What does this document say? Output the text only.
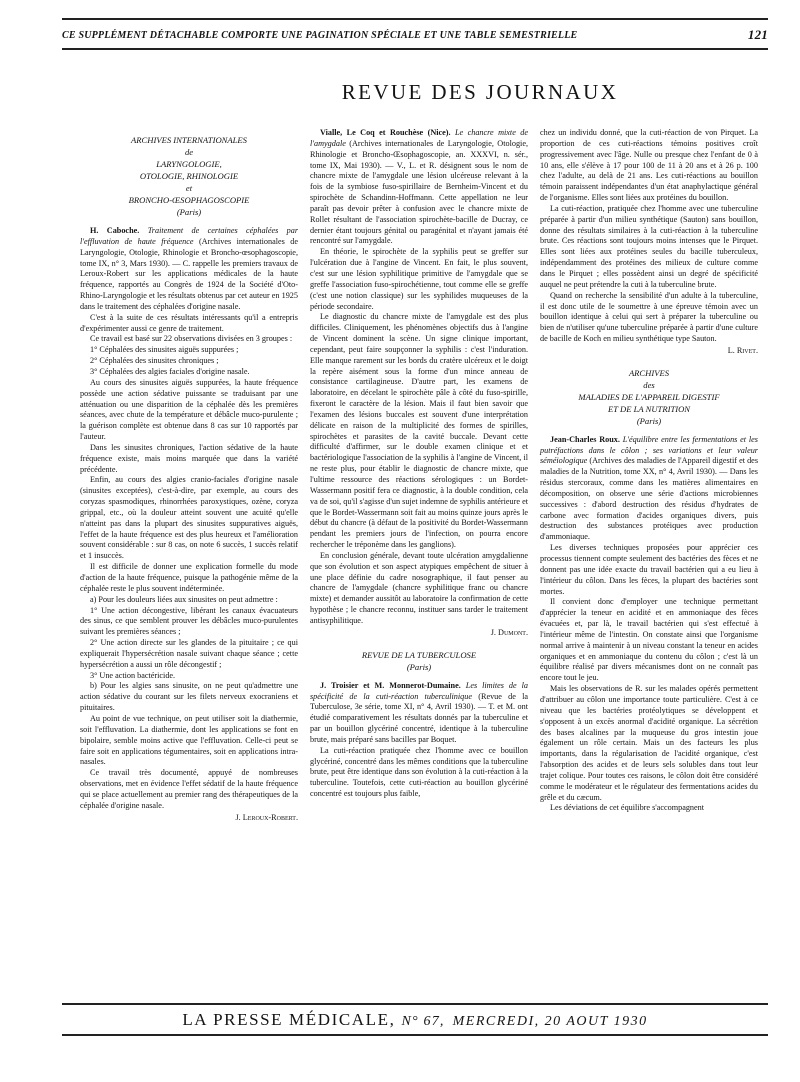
CE SUPPLÉMENT DÉTACHABLE COMPORTE UNE PAGINATION SPÉCIALE ET UNE TABLE SEMESTRIELLE	121
REVUE DES JOURNAUX
ARCHIVES INTERNATIONALES
de
LARYNGOLOGIE,
OTOLOGIE, RHINOLOGIE
et
BRONCHO-ŒSOPHAGOSCOPIE
(Paris)

H. Caboche. Traitement de certaines céphalées par l'effluvation de haute fréquence (Archives internationales de Laryngologie, Otologie, Rhinologie et Broncho-œsophagoscopie, tome IX, n° 3, Mars 1930). — C. rappelle les premiers travaux de Leroux-Robert sur les applications médicales de la haute fréquence, rapportés au Congrès de 1924 de la Société d'Oto-Rhino-Laryngologie et les résultats obtenus par cet auteur en 1925 dans le traitement des céphalées d'origine nasale.

C'est à la suite de ces résultats intéressants qu'il a entrepris d'expérimenter aussi ce genre de traitement.

Ce travail est basé sur 22 observations divisées en 3 groupes :

1° Céphalées des sinusites aiguës suppurées ;

2° Céphalées des sinusites chroniques ;

3° Céphalées des algies faciales d'origine nasale.

Au cours des sinusites aiguës suppurées, la haute fréquence possède une action sédative puissante se traduisant par une atténuation ou une disparition de la céphalée dès les premières séances, avec chute de la température et débâcle muco-purulente ; la guérison complète est obtenue dans 8 cas sur 10 rapportés par l'auteur.

Dans les sinusites chroniques, l'action sédative de la haute fréquence existe, mais moins marquée que dans la variété précédente.

Enfin, au cours des algies cranio-faciales d'origine nasale (sinusites exceptées), c'est-à-dire, par exemple, au cours des coryzas spasmodiques, rhinorrhées paroxystiques, ozène, coryza grippal, etc., où la douleur atteint souvent une acuité qu'elle n'atteint pas dans la plupart des sinusites suppuratives aiguës, l'effet de la haute fréquence est des plus heureux et l'amélioration souvent considérable : sur 8 cas, on note 6 succès, 1 succès relatif et 1 insuccès.

Il est difficile de donner une explication formelle du mode d'action de la haute fréquence, puisque la pathogénie même de la céphalée reste le plus souvent indéterminée.

a) Pour les douleurs liées aux sinusites on peut admettre :

1° Une action décongestive, libérant les canaux évacuateurs des sinus, ce que semblent prouver les débâcles muco-purulentes suivant les premières séances ;

2° Une action directe sur les glandes de la pituitaire ; ce qui expliquerait l'hypersécrétion nasale suivant chaque séance ; cette hypersécrétion a aussi un rôle décongestif ;

3° Une action bactéricide.

b) Pour les algies sans sinusite, on ne peut qu'admettre une action sédative du courant sur les filets nerveux exocraniens et pituitaires.

Au point de vue technique, on peut utiliser soit la diathermie, soit l'effluvation. La diathermie, dont les applications se font en bipolaire, semble moins active que l'effluvation. Celle-ci peut se faire soit en applications tégumentaires, soit en applications intra-nasales.

Ce travail très documenté, appuyé de nombreuses observations, met en évidence l'effet sédatif de la haute fréquence qui se place actuellement au premier rang des thérapeutiques de la céphalée d'origine nasale.

J. Leroux-Robert.

Vialle, Le Coq et Rouchèse (Nice). Le chancre mixte de l'amygdale (Archives internationales de Laryngologie, Otologie, Rhinologie et Broncho-Œsophagoscopie, an. XXXVI, n. sér., tome IX, Mai 1930). — V., L. et R. désignent sous le nom de chancre mixte de l'amygdale une lésion ulcéreuse relevant à la fois de la symbiose fuso-spirillaire de Bernheim-Vincent et du spirochète de Schandinn-Hoffmann. Cette appellation ne leur paraît pas devoir prêter à confusion avec le chancre mixte de Rollet résultant de l'association spirochète-bacille de Ducray, ce dernier étant toujours génital ou paragénital et n'ayant jamais été rencontré sur l'amygdale.

En théorie, le spirochète de la syphilis peut se greffer sur l'ulcération due à l'angine de Vincent. En fait, le plus souvent, c'est sur une lésion syphilitique primitive de l'amygdale que se greffe l'association fuso-spirochétienne, tout comme elle se greffe (c'est une notion classique) sur les syphilides muqueuses de la période secondaire.

Le diagnostic du chancre mixte de l'amygdale est des plus difficiles. Cliniquement, les phénomènes objectifs dus à l'angine de Vincent dominent la scène. Un signe clinique important, cependant, peut faire soupçonner la syphilis : c'est l'induration. Elle manque rarement sur les bords du cratère ulcéreux et le doigt la repère aisément sous la forme d'un mince anneau de consistance cartilagineuse. D'autre part, les examens de laboratoire, en décelant le spirochète pâle à côté du fuso-spirille, fixeront le caractère de la lésion. Mais il faut bien savoir que l'examen des lésions buccales est souvent d'une interprétation délicate en raison de la multiplicité des formes de spirilles, spirochètes et parasites de la cavité buccale. Devant cette difficulté d'affirmer, sur le double examen clinique et et bactériologique l'association de la syphilis à l'angine de Vincent, il ne reste plus, pour établir le diagnostic de chancre mixte, que l'ultime ressource des réactions sérologiques : un Bordet-Wassermann positif fera ce diagnostic, à la double condition, cela va de soi, qu'il s'agisse d'un sujet indemne de syphilis antérieure et que le Bordet-Wassermann soit fait au moins quinze jours après le début du chancre (à défaut de la positivité du Bordet-Wassermann pendant les premiers jours de l'infection, on pourra encore rechercher le tréponème dans les ganglions).

En conclusion générale, devant toute ulcération amygdalienne que son évolution et son aspect atypiques empêchent de situer à une place définie du cadre nosographique, il faut penser au chancre de l'amygdale (chancre syphilitique franc ou chancre mixte) et demander aussitôt au laboratoire la confirmation de cette hypothèse ; le chancre reconnu, instituer sans tarder le traitement antisyphilitique.

J. Dumont.

REVUE DE LA TUBERCULOSE
(Paris)

J. Troisier et M. Monnerot-Dumaine. Les limites de la spécificité de la cuti-réaction tuberculinique (Revue de la Tuberculose, 3e série, tome XI, n° 4, Avril 1930). — T. et M. ont étudié comparativement les résultats donnés par la tuberculine et par un bouillon glycériné concentré, identique à la tuberculine brute, mais préparé sans bacilles par Boquet.

La cuti-réaction pratiquée chez l'homme avec ce bouillon glycériné, concentré dans les mêmes conditions que la tuberculine brute, peut être identique dans son évolution à la cuti-réaction à la tuberculine. Toutefois, cette cuti-réaction au bouillon glycériné concentré est toujours plus faible,

chez un individu donné, que la cuti-réaction de von Pirquet. La proportion de ces cuti-réactions témoins positives croît progressivement avec l'âge. Nulle ou presque chez l'enfant de 0 à 10 ans, elle s'élève à 17 pour 100 de 11 à 20 ans et à 26 p. 100 chez l'adulte, au delà de 21 ans. Les cuti-réactions au bouillon témoin paraissent indépendantes d'un état anaphylactique général de l'organisme. Elles sont liées aux protéines du bouillon.

La cuti-réaction, pratiquée chez l'homme avec une tuberculine préparée à partir d'un milieu synthétique (Sauton) sans bouillon, donne des résultats similaires à la cuti-réaction à la tuberculine brute. Ces réactions sont toujours moins intenses que le Pirquet. Elles sont liées aux protéines seules du bacille tuberculeux, indépendamment des protéines des milieux de culture comme dans le Pirquet ; elles possèdent ainsi un degré de spécificité auquel ne peut prétendre la cuti à la tuberculine brute.

Quand on recherche la sensibilité d'un adulte à la tuberculine, il est donc utile de le soumettre à une épreuve témoin avec un bouillon identique à celui qui sert à préparer la tuberculine ou bien de n'utiliser qu'une tuberculine préparée à partir d'une culture de bacille de Koch en milieu synthétique type Sauton.

L. Rivet.

ARCHIVES
des
MALADIES DE L'APPAREIL DIGESTIF
ET DE LA NUTRITION
(Paris)

Jean-Charles Roux. L'équilibre entre les fermentations et les putréfactions dans le côlon ; ses variations et leur valeur séméiologique (Archives des maladies de l'Appareil digestif et des maladies de la Nutrition, tome XX, n° 4, Avril 1930). — Dans les résidus stercoraux, comme dans les matières alimentaires en décomposition, on observe une série d'actions microbiennes successives : d'abord destruction des résidus d'hydrates de carbone avec formation d'acides organiques divers, puis destruction des substances protéiques avec production d'ammoniaque.

Les diverses techniques proposées pour apprécier ces processus tiennent compte seulement des bactéries des fèces et ne donnent pas une idée exacte du travail bactérien qui a eu lieu à l'intérieur du côlon. Dans les fèces, la plupart des bactéries sont mortes.

Il convient donc d'employer une technique permettant d'apprécier la teneur en acidité et en ammoniaque des fèces évacuées et, par là, le travail bactérien qui s'est effectué à l'intérieur même de l'intestin. On constate ainsi que l'organisme normal arrive à maintenir à un niveau constant la teneur en acides organiques et en ammoniaque du contenu du côlon ; c'est là un équilibre réalisé par divers mécanismes dont on ne connaît pas encore tout le jeu.

Mais les observations de R. sur les malades opérés permettent d'attribuer au côlon une importance toute particulière. C'est à ce niveau que les bactéries protéolytiques se développent et s'opposent à un excès anormal d'acidité organique. La sécrétion des bases alcalines par la muqueuse du gros intestin joue également un rôle certain. Mais un des facteurs les plus importants, dans la régularisation de l'acidité organique, c'est l'absorption des acides et de leurs sels solubles dans tout leur trajet colique. Pour toutes ces raisons, le côlon doit être considéré comme le modérateur et le régulateur des fermentations acides du grêle et du cæcum.

Les déviations de cet équilibre s'accompagnent

LA PRESSE MÉDICALE, N° 67, MERCREDI, 20 AOUT 1930
